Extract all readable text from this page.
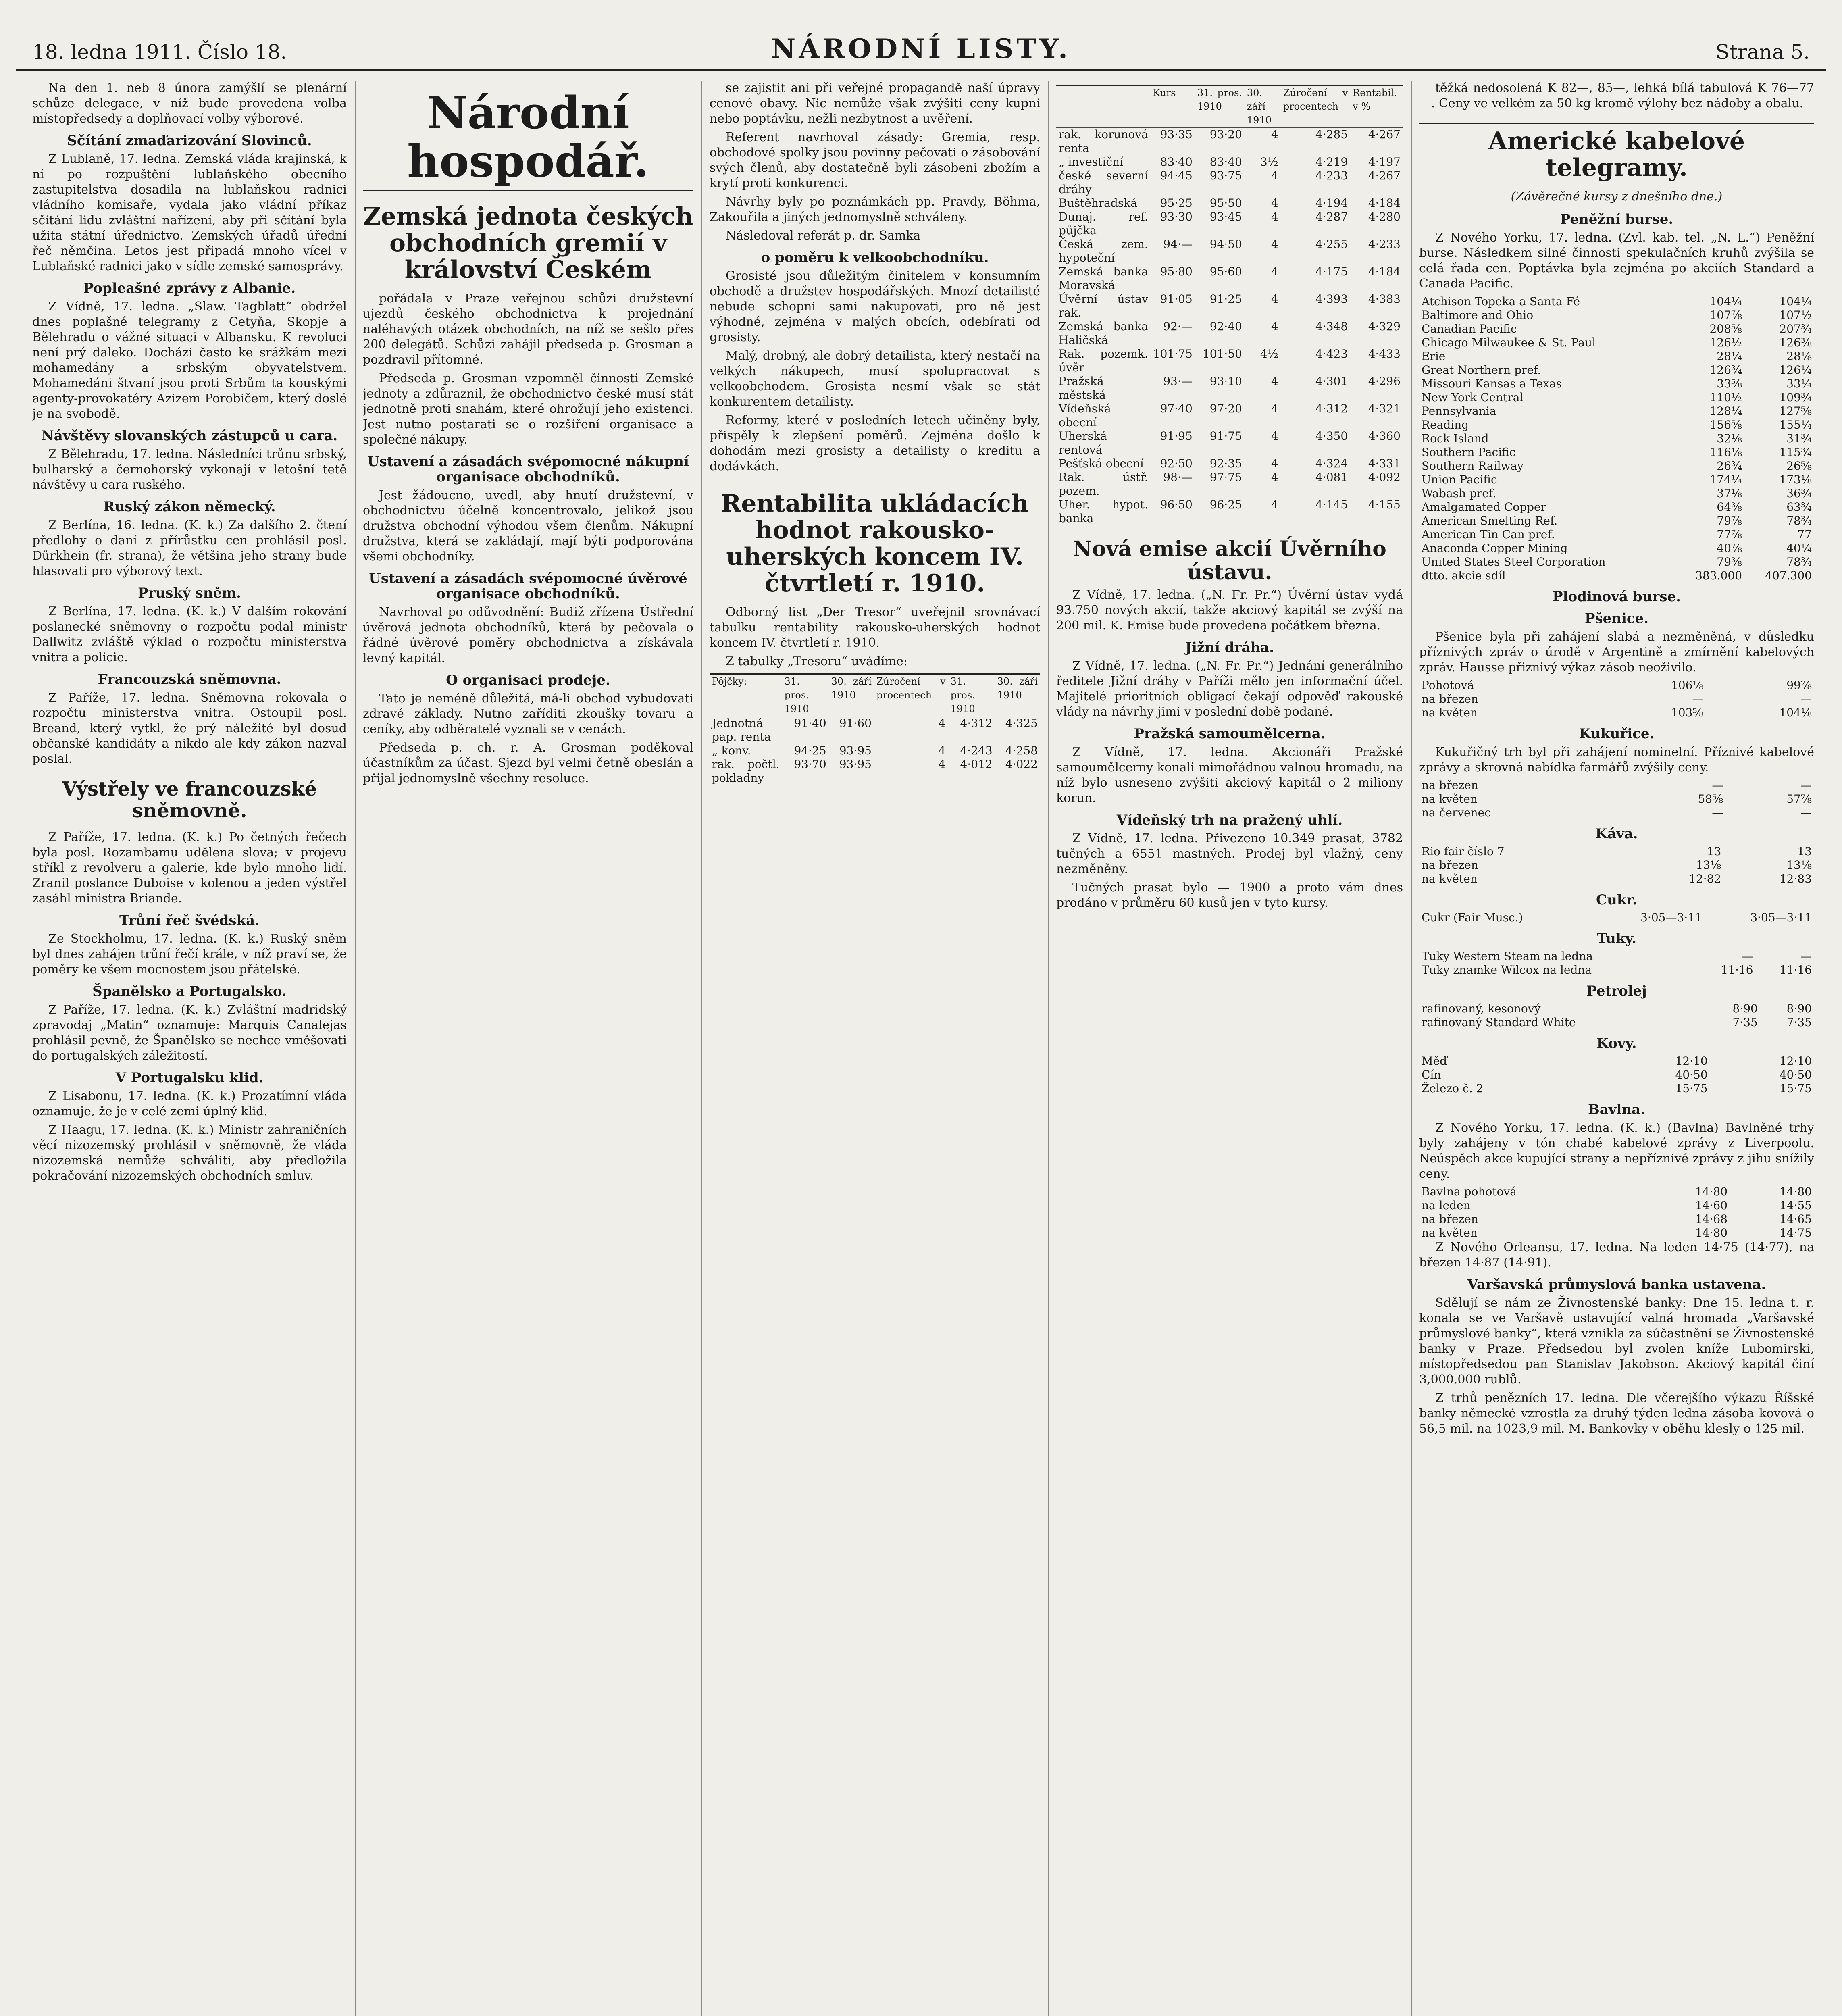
18. ledna 1911. Číslo 18.	NÁRODNÍ LISTY.	Strana 5.

Na den 1. neb 8 února zamýšlí se plenární schůze delegace, v níž bude provedena volba místopředsedy a doplňovací volby výborové.

Sčítání zmaďarizování Slovinců.

Z Lublaně, 17. ledna. Zemská vláda krajinská, k ní po rozpuštění lublaňského obecního zastupitelstva dosadila na lublaňskou radnici vládního komisaře, vydala jako vládní příkaz sčítání lidu zvláštní nařízení, aby při sčítání byla užita státní úřednictvo. Zemských úřadů úřední řeč němčina. Letos jest připadá mnoho vícel v Lublaňské radnici jako v sídle zemské samosprávy.

Popleašné zprávy z Albanie.

Z Vídně, 17. ledna. „Slaw. Tagblatt“ obdržel dnes poplašné telegramy z Cetyňa, Skopje a Bělehradu o vážné situaci v Albansku. K revoluci není prý daleko. Docházi často ke srážkám mezi mohamedány a srbským obyvatelstvem. Mohamedáni štvaní jsou proti Srbům ta kouskými agenty-provokatéry Azizem Porobičem, který doslé je na svobodě.

Návštěvy slovanských zástupců u cara.

Z Bělehradu, 17. ledna. Následníci trůnu srbský, bulharský a černohorský vykonají v letošní tetě návštěvy u cara ruského.

Ruský zákon německý.

Z Berlína, 16. ledna. (K. k.) Za dalšího 2. čtení předlohy o daní z přírůstku cen prohlásil posl. Dürkhein (fr. strana), že většina jeho strany bude hlasovati pro výborový text.

Pruský sněm.

Z Berlína, 17. ledna. (K. k.) V dalším rokování poslanecké sněmovny o rozpočtu podal ministr Dallwitz zvláště výklad o rozpočtu ministerstva vnitra a policie.

Francouzská sněmovna.

Z Paříže, 17. ledna. Sněmovna rokovala o rozpočtu ministerstva vnitra. Ostoupil posl. Breand, který vytkl, že prý náležité byl dosud občanské kandidáty a nikdo ale kdy zákon nazval poslal.

Výstřely ve francouzské sněmovně.

Z Paříže, 17. ledna. (K. k.) Po četných řečech byla posl. Rozambamu udělena slova; v projevu stříkl z revolveru a galerie, kde bylo mnoho lidí. Zranil poslance Duboise v kolenou a jeden výstřel zasáhl ministra Briande.

Trůní řeč švédská.

Ze Stockholmu, 17. ledna. (K. k.) Ruský sněm byl dnes zahájen trůní řečí krále, v níž praví se, že poměry ke všem mocnostem jsou přátelské.

Španělsko a Portugalsko.

Z Paříže, 17. ledna. (K. k.) Zvláštní madridský zpravodaj „Matin“ oznamuje: Marquis Canalejas prohlásil pevně, že Španělsko se nechce vměšovati do portugalských záležitostí.

V Portugalsku klid.

Z Lisabonu, 17. ledna. (K. k.) Prozatímní vláda oznamuje, že je v celé zemi úplný klid.

Z Haagu, 17. ledna. (K. k.) Ministr zahraničních věcí nizozemský prohlásil v sněmovně, že vláda nizozemská nemůže schváliti, aby předložila pokračování nizozemských obchodních smluv.

Národní hospodář.
Zemská jednota českých obchodních gremií v království Českém

pořádala v Praze veřejnou schůzi družstevní ujezdů českého obchodnictva k projednání naléhavých otázek obchodních, na níž se sešlo přes 200 delegátů. Schůzi zahájil předseda p. Grosman a pozdravil přítomné.

Předseda p. Grosman vzpomněl činnosti Zemské jednoty a zdůraznil, že obchodnictvo české musí stát jednotně proti snahám, které ohrožují jeho existenci. Jest nutno postarati se o rozšíření organisace a společné nákupy.

Ustavení a zásadách svépomocné nákupní organisace obchodníků.

Jest žádoucno, uvedl, aby hnutí družstevní, v obchodnictvu účelně koncentrovalo, jelikož jsou družstva obchodní výhodou všem členům. Nákupní družstva, která se zakládají, mají býti podporována všemi obchodníky.

Ustavení a zásadách svépomocné úvěrové organisace obchodníků.

Navrhoval po odůvodnění: Budiž zřízena Ústřední úvěrová jednota obchodníků, která by pečovala o řádné úvěrové poměry obchodnictva a získávala levný kapitál.

O organisaci prodeje.

Tato je neméně důležitá, má-li obchod vybudovati zdravé základy. Nutno zaříditi zkoušky tovaru a ceníky, aby odběratelé vyznali se v cenách.

Předseda p. ch. r. A. Grosman poděkoval účastníkům za účast. Sjezd byl velmi četně obeslán a přijal jednomyslně všechny resoluce.

se zajistit ani při veřejné propagandě naší úpravy cenové obavy. Nic nemůže však zvýšiti ceny kupní nebo poptávku, nežli nezbytnost a uvěření.

Referent navrhoval zásady: Gremia, resp. obchodové spolky jsou povinny pečovati o zásobování svých členů, aby dostatečně byli zásobeni zbožím a krytí proti konkurenci.

Návrhy byly po poznámkách pp. Pravdy, Böhma, Zakouřila a jiných jednomyslně schváleny.

Následoval referát p. dr. Samka

o poměru k velkoobchodníku.

Grosisté jsou důležitým činitelem v konsumním obchodě a družstev hospodářských. Mnozí detailisté nebude schopni sami nakupovati, pro ně jest výhodné, zejména v malých obcích, odebírati od grosisty.

Malý, drobný, ale dobrý detailista, který nestačí na velkých nákupech, musí spolupracovat s velkoobchodem. Grosista nesmí však se stát konkurentem detailisty.

Reformy, které v posledních letech učiněny byly, přispěly k zlepšení poměrů. Zejména došlo k dohodám mezi grosisty a detailisty o kreditu a dodávkách.

Rentabilita ukládacích hodnot rakousko-uherských koncem IV. čtvrtletí r. 1910.

Odborný list „Der Tresor“ uveřejnil srovnávací tabulku rentability rakousko-uherských hodnot koncem IV. čtvrtletí r. 1910.

Z tabulky „Tresoru“ uvádíme:

Pôjčky:	31. pros. 1910	30. září 1910	Zúročení v procentech	31. pros. 1910	30. září 1910
Jednotná pap. renta	91·40	91·60	4	4·312	4·325
„ konv.	94·25	93·95	4	4·243	4·258
rak. počtl. pokladny	93·70	93·95	4	4·012	4·022
	Kurs	31. pros. 1910	30. září 1910	Zúročení v procentech	Rentabil. v %
rak. korunová renta	93·35	93·20	4	4·285	4·267
„ investiční	83·40	83·40	3½	4·219	4·197
české severní dráhy	94·45	93·75	4	4·233	4·267
Buštěhradská	95·25	95·50	4	4·194	4·184
Dunaj. ref. půjčka	93·30	93·45	4	4·287	4·280
Česká zem. hypoteční	94·—	94·50	4	4·255	4·233
Zemská banka Moravská	95·80	95·60	4	4·175	4·184
Úvěrní ústav rak.	91·05	91·25	4	4·393	4·383
Zemská banka Haličská	92·—	92·40	4	4·348	4·329
Rak. pozemk. úvěr	101·75	101·50	4½	4·423	4·433
Pražská městská	93·—	93·10	4	4·301	4·296
Vídeňská obecní	97·40	97·20	4	4·312	4·321
Uherská rentová	91·95	91·75	4	4·350	4·360
Pešťská obecní	92·50	92·35	4	4·324	4·331
Rak. ústř. pozem.	98·—	97·75	4	4·081	4·092
Uher. hypot. banka	96·50	96·25	4	4·145	4·155
Nová emise akcií Úvěrního ústavu.

Z Vídně, 17. ledna. („N. Fr. Pr.“) Úvěrní ústav vydá 93.750 nových akcií, takže akciový kapitál se zvýší na 200 mil. K. Emise bude provedena počátkem března.

Jižní dráha.

Z Vídně, 17. ledna. („N. Fr. Pr.“) Jednání generálního ředitele Jižní dráhy v Paříži mělo jen informační účel. Majitelé prioritních obligací čekají odpověď rakouské vlády na návrhy jimi v poslední době podané.

Pražská samoumělcerna.

Z Vídně, 17. ledna. Akcionáři Pražské samoumělcerny konali mimořádnou valnou hromadu, na níž bylo usneseno zvýšiti akciový kapitál o 2 miliony korun.

Vídeňský trh na pražený uhlí.

Z Vídně, 17. ledna. Přivezeno 10.349 prasat, 3782 tučných a 6551 mastných. Prodej byl vlažný, ceny nezměněny.

Tučných prasat bylo — 1900 a proto vám dnes prodáno v průměru 60 kusů jen v tyto kursy.

těžká nedosolená K 82—, 85—, lehká bílá tabulová K 76—77—. Ceny ve velkém za 50 kg kromě výlohy bez nádoby a obalu.

Americké kabelové telegramy.
(Závěrečné kursy z dnešního dne.)
Peněžní burse.

Z Nového Yorku, 17. ledna. (Zvl. kab. tel. „N. L.“) Peněžní burse. Následkem silné činnosti spekulačních kruhů zvýšila se celá řada cen. Poptávka byla zejména po akciích Standard a Canada Pacific.

Atchison Topeka a Santa Fé	104¼	104¼
Baltimore and Ohio	107⅞	107½
Canadian Pacific	208⅝	207¾
Chicago Milwaukee & St. Paul	126½	126⅜
Erie	28¼	28⅛
Great Northern pref.	126¾	126¼
Missouri Kansas a Texas	33⅝	33¼
New York Central	110½	109¾
Pennsylvania	128¼	127⅝
Reading	156⅝	155¼
Rock Island	32⅛	31¾
Southern Pacific	116⅛	115¾
Southern Railway	26¾	26⅝
Union Pacific	174¼	173⅛
Wabash pref.	37⅛	36¾
Amalgamated Copper	64⅜	63¾
American Smelting Ref.	79⅞	78¾
American Tin Can pref.	77⅞	77
Anaconda Copper Mining	40⅞	40¼
United States Steel Corporation	79⅜	78¾
dtto. akcie sdíl	383.000	407.300
Plodinová burse.
Pšenice.

Pšenice byla při zahájení slabá a nezměněná, v důsledku příznivých zpráv o úrodě v Argentině a zmírnění kabelových zpráv. Hausse přiznivý výkaz zásob neoživilo.

Pohotová	106⅛	99⅞
na březen	—	—
na květen	103⅝	104⅛
Kukuřice.

Kukuřičný trh byl při zahájení nominelní. Příznivé kabelové zprávy a skrovná nabídka farmářů zvýšily ceny.

na březen	—	—
na květen	58⅝	57⅞
na červenec	—	—
Káva.
Rio fair číslo 7	13	13
na březen	13⅛	13⅛
na květen	12·82	12·83
Cukr.
Cukr (Fair Musc.)	3·05—3·11	3·05—3·11
Tuky.
Tuky Western Steam na ledna	—	—
Tuky znamke Wilcox na ledna	11·16	11·16
Petrolej
rafinovaný, kesonový	8·90	8·90
rafinovaný Standard White	7·35	7·35
Kovy.
Měď	12·10	12·10
Cín	40·50	40·50
Železo č. 2	15·75	15·75
Bavlna.

Z Nového Yorku, 17. ledna. (K. k.) (Bavlna) Bavlněné trhy byly zahájeny v tón chabé kabelové zprávy z Liverpoolu. Neúspěch akce kupující strany a nepříznivé zprávy z jihu snížily ceny.

Bavlna pohotová	14·80	14·80
na leden	14·60	14·55
na březen	14·68	14·65
na květen	14·80	14·75

Z Nového Orleansu, 17. ledna. Na leden 14·75 (14·77), na březen 14·87 (14·91).

Varšavská průmyslová banka ustavena.

Sdělují se nám ze Živnostenské banky: Dne 15. ledna t. r. konala se ve Varšavě ustavující valná hromada „Varšavské průmyslové banky“, která vznikla za súčastnění se Živnostenské banky v Praze. Předsedou byl zvolen kníže Lubomirski, místopředsedou pan Stanislav Jakobson. Akciový kapitál činí 3,000.000 rublů.

Z trhů penězních 17. ledna. Dle včerejšího výkazu Říšské banky německé vzrostla za druhý týden ledna zásoba kovová o 56,5 mil. na 1023,9 mil. M. Bankovky v oběhu klesly o 125 mil.
